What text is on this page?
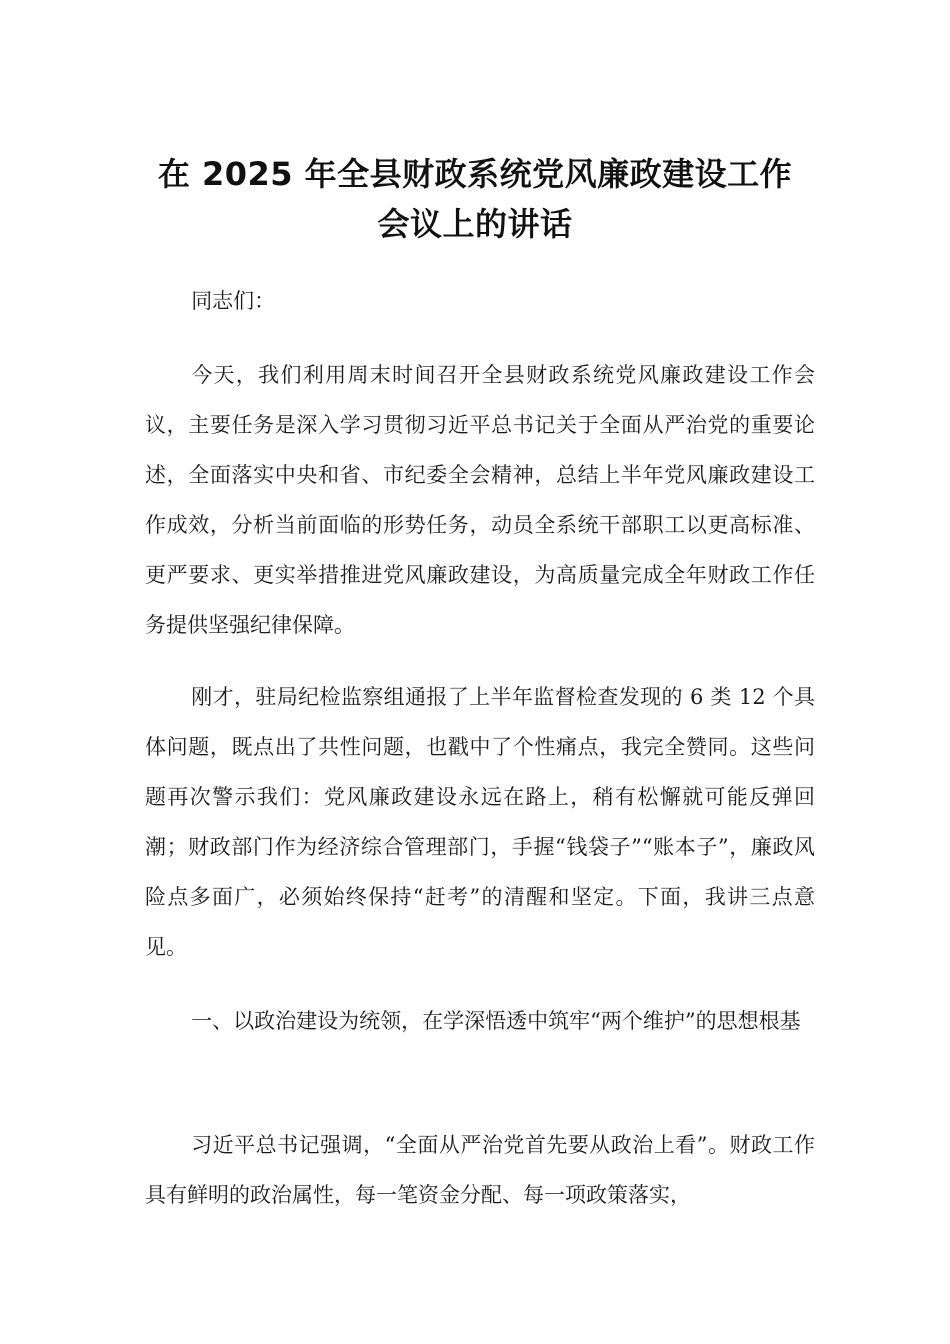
在 2025 年全县财政系统党风廉政建设工作
会议上的讲话

同志们：

今天，我们利用周末时间召开全县财政系统党风廉政建设工作会议，主要任务是深入学习贯彻习近平总书记关于全面从严治党的重要论述，全面落实中央和省、市纪委全会精神，总结上半年党风廉政建设工作成效，分析当前面临的形势任务，动员全系统干部职工以更高标准、更严要求、更实举措推进党风廉政建设，为高质量完成全年财政工作任务提供坚强纪律保障。

刚才，驻局纪检监察组通报了上半年监督检查发现的 6 类 12 个具体问题，既点出了共性问题，也戳中了个性痛点，我完全赞同。这些问题再次警示我们：党风廉政建设永远在路上，稍有松懈就可能反弹回潮；财政部门作为经济综合管理部门，手握“钱袋子”“账本子”，廉政风险点多面广，必须始终保持“赶考”的清醒和坚定。下面，我讲三点意见。

一、以政治建设为统领，在学深悟透中筑牢“两个维护”的思想根基

习近平总书记强调，“全面从严治党首先要从政治上看”。财政工作具有鲜明的政治属性，每一笔资金分配、每一项政策落实，
